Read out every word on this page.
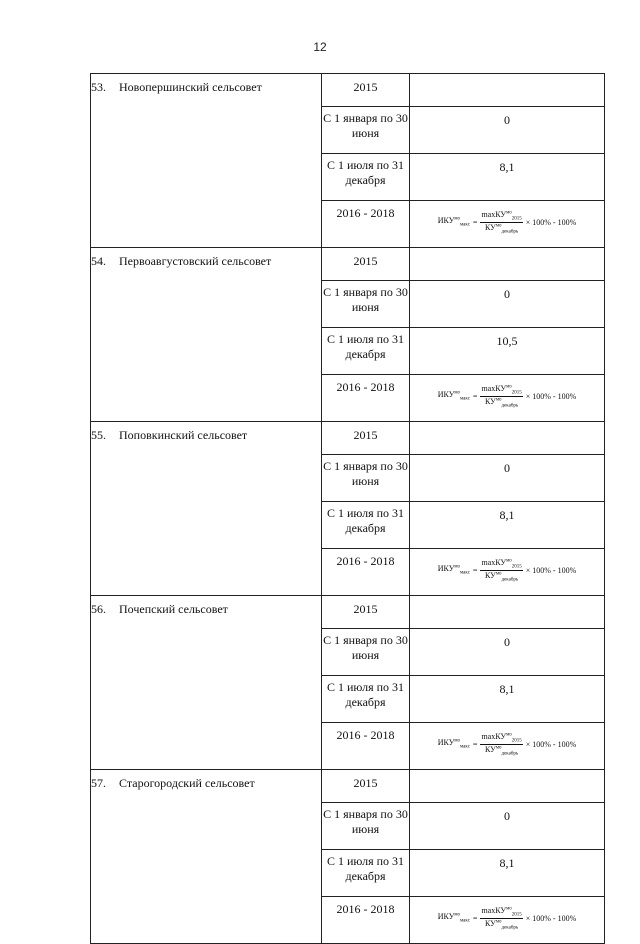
12
53. Новопершинский сельсовет	2015	
	С 1 января по 30 июня	0
	С 1 июля по 31 декабря	8,1
	2016 - 2018	$ИКУ^{мо}_{макс} = \frac{\max КУ^{мо}_{2015}}{КУ^{мо}_{декабрь}} \times 100\% - 100\%$

54. Первоавгустовский сельсовет	2015	
	С 1 января по 30 июня	0
	С 1 июля по 31 декабря	10,5
	2016 - 2018	$ИКУ^{мо}_{макс} = \frac{\max КУ^{мо}_{2015}}{КУ^{мо}_{декабрь}} \times 100\% - 100\%$

55. Поповкинский сельсовет	2015	
	С 1 января по 30 июня	0
	С 1 июля по 31 декабря	8,1
	2016 - 2018	$ИКУ^{мо}_{макс} = \frac{\max КУ^{мо}_{2015}}{КУ^{мо}_{декабрь}} \times 100\% - 100\%$

56. Почепский сельсовет	2015	
	С 1 января по 30 июня	0
	С 1 июля по 31 декабря	8,1
	2016 - 2018	$ИКУ^{мо}_{макс} = \frac{\max КУ^{мо}_{2015}}{КУ^{мо}_{декабрь}} \times 100\% - 100\%$

57. Старогородский сельсовет	2015	
	С 1 января по 30 июня	0
	С 1 июля по 31 декабря	8,1
	2016 - 2018	$ИКУ^{мо}_{макс} = \frac{\max КУ^{мо}_{2015}}{КУ^{мо}_{декабрь}} \times 100\% - 100\%$
